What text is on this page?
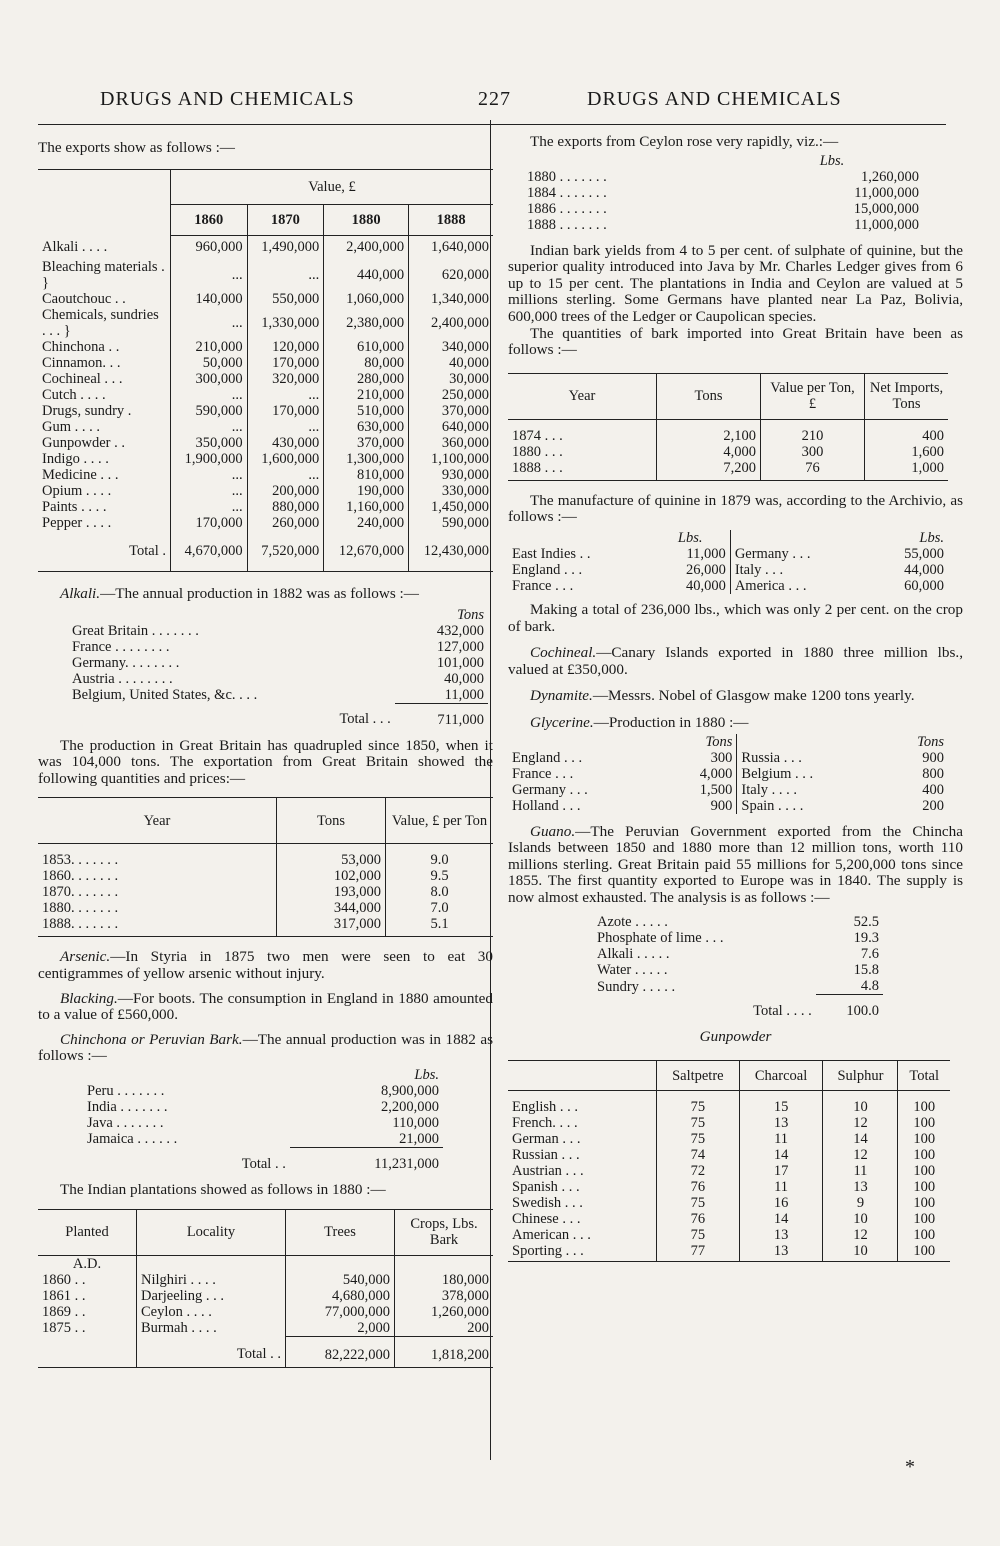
DRUGS AND CHEMICALS	227	DRUGS AND CHEMICALS

The exports show as follows :—

	Value, £			
	1860	1870	1880	1888
Alkali . . . .	960,000	1,490,000	2,400,000	1,640,000
Bleaching materials . }	...	...	440,000	620,000
Caoutchouc . .	140,000	550,000	1,060,000	1,340,000
Chemicals, sundries . . . }	...	1,330,000	2,380,000	2,400,000
Chinchona . .	210,000	120,000	610,000	340,000
Cinnamon. . .	50,000	170,000	80,000	40,000
Cochineal . . .	300,000	320,000	280,000	30,000
Cutch . . . .	...	...	210,000	250,000
Drugs, sundry .	590,000	170,000	510,000	370,000
Gum . . . .	...	...	630,000	640,000
Gunpowder . .	350,000	430,000	370,000	360,000
Indigo . . . .	1,900,000	1,600,000	1,300,000	1,100,000
Medicine . . .	...	...	810,000	930,000
Opium . . . .	...	200,000	190,000	330,000
Paints . . . .	...	880,000	1,160,000	1,450,000
Pepper . . . .	170,000	260,000	240,000	590,000
Total .	4,670,000	7,520,000	12,670,000	12,430,000

Alkali.—The annual production in 1882 was as follows :—

	Tons
Great Britain . . . . . . .	432,000
France . . . . . . . .	127,000
Germany. . . . . . . .	101,000
Austria . . . . . . . .	40,000
Belgium, United States, &c. . . .	11,000
Total . . .	711,000

The production in Great Britain has quadrupled since 1850, when it was 104,000 tons. The exportation from Great Britain showed the following quantities and prices:—

Year	Tons	Value, £ per Ton
1853. . . . . . .	53,000	9.0
1860. . . . . . .	102,000	9.5
1870. . . . . . .	193,000	8.0
1880. . . . . . .	344,000	7.0
1888. . . . . . .	317,000	5.1

Arsenic.—In Styria in 1875 two men were seen to eat 30 centigrammes of yellow arsenic without injury.

Blacking.—For boots. The consumption in England in 1880 amounted to a value of £560,000.

Chinchona or Peruvian Bark.—The annual production was in 1882 as follows :—

	Lbs.
Peru . . . . . . .	8,900,000
India . . . . . . .	2,200,000
Java . . . . . . .	110,000
Jamaica . . . . . .	21,000
Total . .	11,231,000

The Indian plantations showed as follows in 1880 :—

Planted	Locality	Trees	Crops, Lbs. Bark
A.D.			
1860 . .	Nilghiri . . . .	540,000	180,000
1861 . .	Darjeeling . . .	4,680,000	378,000
1869 . .	Ceylon . . . .	77,000,000	1,260,000
1875 . .	Burmah . . . .	2,000	200
	Total . .	82,222,000	1,818,200

The exports from Ceylon rose very rapidly, viz.:—

	Lbs.
1880 . . . . . . .	1,260,000
1884 . . . . . . .	11,000,000
1886 . . . . . . .	15,000,000
1888 . . . . . . .	11,000,000

Indian bark yields from 4 to 5 per cent. of sulphate of quinine, but the superior quality introduced into Java by Mr. Charles Ledger gives from 6 up to 15 per cent. The plantations in India and Ceylon are valued at 5 millions sterling. Some Germans have planted near La Paz, Bolivia, 600,000 trees of the Ledger or Caupolican species.

The quantities of bark imported into Great Britain have been as follows :—

Year	Tons	Value per Ton, £	Net Imports, Tons
1874 . . .	2,100	210	400
1880 . . .	4,000	300	1,600
1888 . . .	7,200	76	1,000

The manufacture of quinine in 1879 was, according to the Archivio, as follows :—

	Lbs.		Lbs.
East Indies . .	11,000	Germany . . .	55,000
England . . .	26,000	Italy . . .	44,000
France . . .	40,000	America . . .	60,000

Making a total of 236,000 lbs., which was only 2 per cent. on the crop of bark.

Cochineal.—Canary Islands exported in 1880 three million lbs., valued at £350,000.

Dynamite.—Messrs. Nobel of Glasgow make 1200 tons yearly.

Glycerine.—Production in 1880 :—

	Tons		Tons
England . . .	300	Russia . . .	900
France . . .	4,000	Belgium . . .	800
Germany . . .	1,500	Italy . . . .	400
Holland . . .	900	Spain . . . .	200

Guano.—The Peruvian Government exported from the Chincha Islands between 1850 and 1880 more than 12 million tons, worth 110 millions sterling. Great Britain paid 55 millions for 5,200,000 tons since 1855. The first quantity exported to Europe was in 1840. The supply is now almost exhausted. The analysis is as follows :—

Azote . . . . .	52.5
Phosphate of lime . . .	19.3
Alkali . . . . .	7.6
Water . . . . .	15.8
Sundry . . . . .	4.8
Total . . . .	100.0
Gunpowder
	Saltpetre	Charcoal	Sulphur	Total
English . . .	75	15	10	100
French. . . .	75	13	12	100
German . . .	75	11	14	100
Russian . . .	74	14	12	100
Austrian . . .	72	17	11	100
Spanish . . .	76	11	13	100
Swedish . . .	75	16	9	100
Chinese . . .	76	14	10	100
American . . .	75	13	12	100
Sporting . . .	77	13	10	100
*
